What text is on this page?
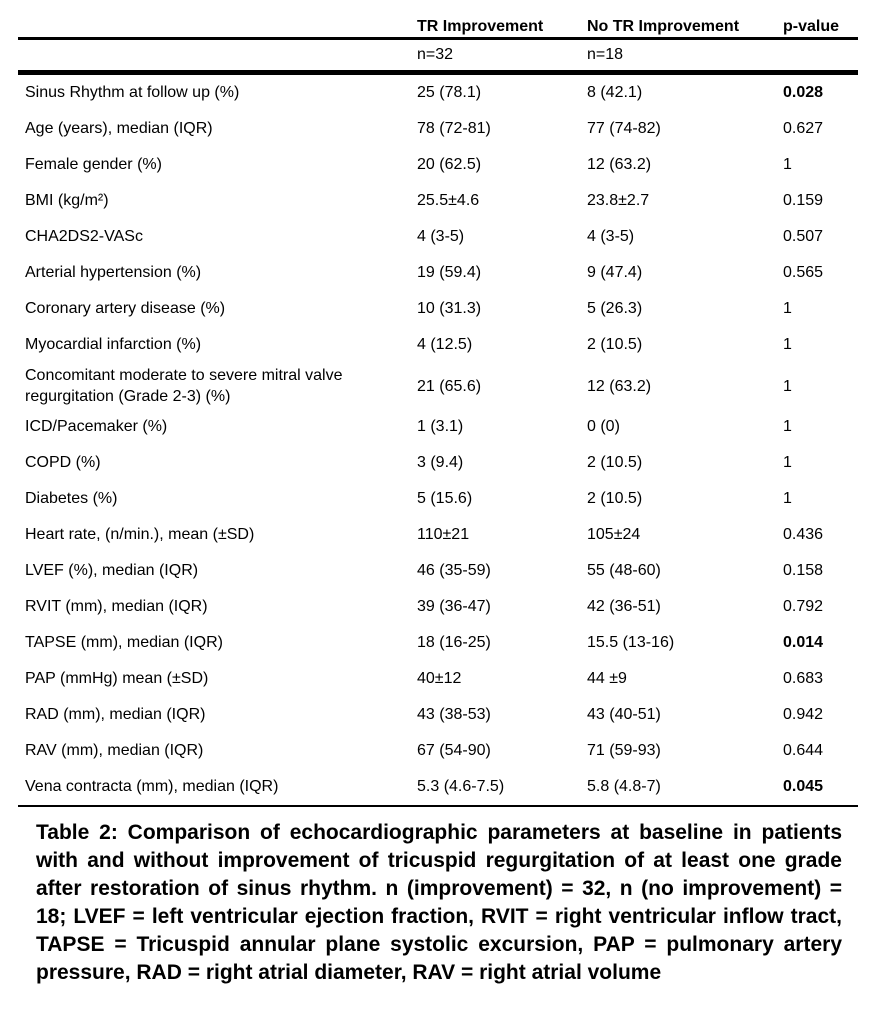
	TR Improvement	No TR Improvement	p-value
	n=32	n=18	
Sinus Rhythm at follow up (%)	25 (78.1)	8 (42.1)	0.028
Age (years), median (IQR)	78 (72-81)	77 (74-82)	0.627
Female gender (%)	20 (62.5)	12 (63.2)	1
BMI (kg/m²)	25.5±4.6	23.8±2.7	0.159
CHA2DS2-VASc	4 (3-5)	4 (3-5)	0.507
Arterial hypertension (%)	19 (59.4)	9 (47.4)	0.565
Coronary artery disease (%)	10 (31.3)	5 (26.3)	1
Myocardial infarction (%)	4 (12.5)	2 (10.5)	1
Concomitant moderate to severe mitral valve regurgitation (Grade 2-3) (%)	21 (65.6)	12 (63.2)	1
ICD/Pacemaker (%)	1 (3.1)	0 (0)	1
COPD (%)	3 (9.4)	2 (10.5)	1
Diabetes (%)	5 (15.6)	2 (10.5)	1
Heart rate, (n/min.), mean (±SD)	110±21	105±24	0.436
LVEF (%), median (IQR)	46 (35-59)	55 (48-60)	0.158
RVIT (mm), median (IQR)	39 (36-47)	42 (36-51)	0.792
TAPSE (mm), median (IQR)	18 (16-25)	15.5 (13-16)	0.014
PAP (mmHg) mean (±SD)	40±12	44 ±9	0.683
RAD (mm), median (IQR)	43 (38-53)	43 (40-51)	0.942
RAV (mm), median (IQR)	67 (54-90)	71 (59-93)	0.644
Vena contracta (mm), median (IQR)	5.3 (4.6-7.5)	5.8 (4.8-7)	0.045
Table 2: Comparison of echocardiographic parameters at baseline in patients with and without improvement of tricuspid regurgitation of at least one grade after restoration of sinus rhythm. n (improvement) = 32, n (no improvement) = 18; LVEF = left ventricular ejection fraction, RVIT = right ventricular inflow tract, TAPSE = Tricuspid annular plane systolic excursion, PAP = pulmonary artery pressure, RAD = right atrial diameter, RAV = right atrial volume
